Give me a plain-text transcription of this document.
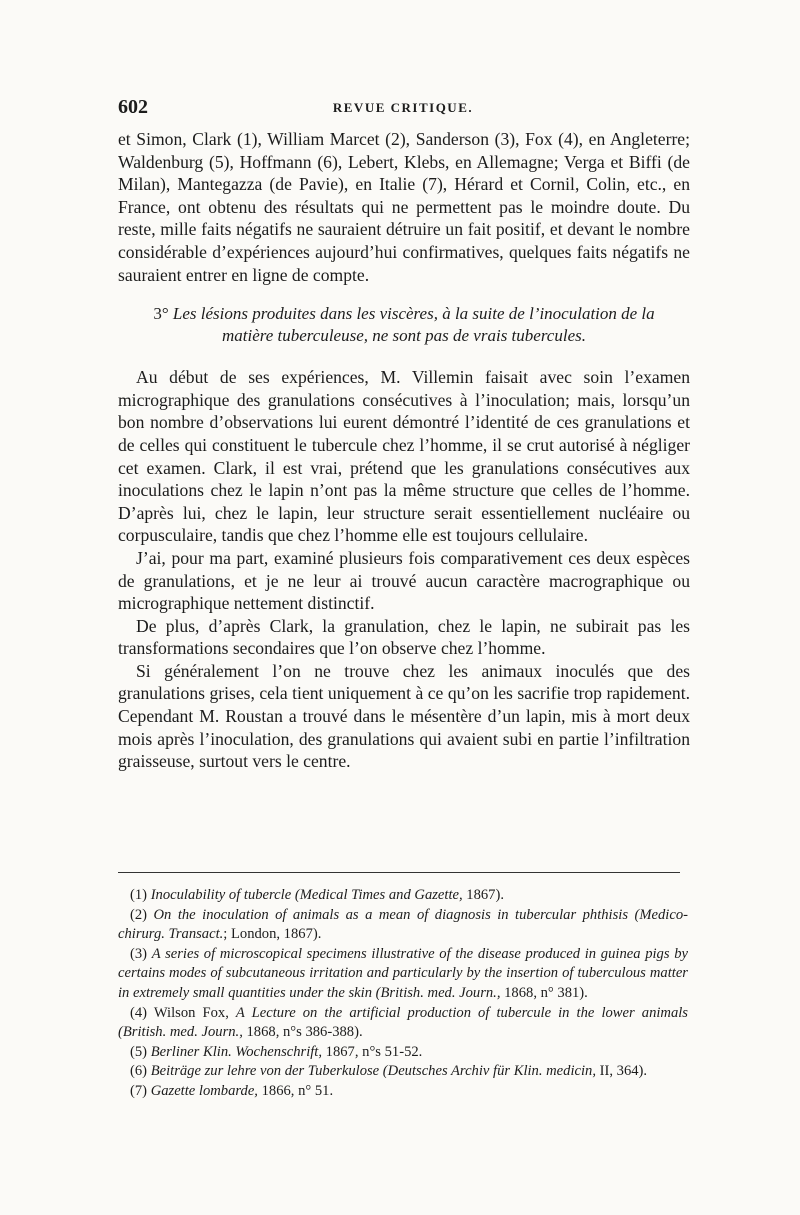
602	REVUE CRITIQUE.

et Simon, Clark (1), William Marcet (2), Sanderson (3), Fox (4), en Angleterre; Waldenburg (5), Hoffmann (6), Lebert, Klebs, en Allemagne; Verga et Biffi (de Milan), Mantegazza (de Pavie), en Italie (7), Hérard et Cornil, Colin, etc., en France, ont obtenu des résultats qui ne permettent pas le moindre doute. Du reste, mille faits négatifs ne sauraient détruire un fait positif, et devant le nombre considérable d’expériences aujourd’hui confirmatives, quelques faits négatifs ne sauraient entrer en ligne de compte.

3° Les lésions produites dans les viscères, à la suite de l’inoculation de la matière tuberculeuse, ne sont pas de vrais tubercules.

Au début de ses expériences, M. Villemin faisait avec soin l’examen micrographique des granulations consécutives à l’inoculation; mais, lorsqu’un bon nombre d’observations lui eurent démontré l’identité de ces granulations et de celles qui constituent le tubercule chez l’homme, il se crut autorisé à négliger cet examen. Clark, il est vrai, prétend que les granulations consécutives aux inoculations chez le lapin n’ont pas la même structure que celles de l’homme. D’après lui, chez le lapin, leur structure serait essentiellement nucléaire ou corpusculaire, tandis que chez l’homme elle est toujours cellulaire.

J’ai, pour ma part, examiné plusieurs fois comparativement ces deux espèces de granulations, et je ne leur ai trouvé aucun caractère macrographique ou micrographique nettement distinctif.

De plus, d’après Clark, la granulation, chez le lapin, ne subirait pas les transformations secondaires que l’on observe chez l’homme.

Si généralement l’on ne trouve chez les animaux inoculés que des granulations grises, cela tient uniquement à ce qu’on les sacrifie trop rapidement. Cependant M. Roustan a trouvé dans le mésentère d’un lapin, mis à mort deux mois après l’inoculation, des granulations qui avaient subi en partie l’infiltration graisseuse, surtout vers le centre.

(1) Inoculability of tubercle (Medical Times and Gazette, 1867).

(2) On the inoculation of animals as a mean of diagnosis in tubercular phthisis (Medico-chirurg. Transact.; London, 1867).

(3) A series of microscopical specimens illustrative of the disease produced in guinea pigs by certains modes of subcutaneous irritation and particularly by the insertion of tuberculous matter in extremely small quantities under the skin (British. med. Journ., 1868, n° 381).

(4) Wilson Fox, A Lecture on the artificial production of tubercule in the lower animals (British. med. Journ., 1868, n°s 386-388).

(5) Berliner Klin. Wochenschrift, 1867, n°s 51-52.

(6) Beiträge zur lehre von der Tuberkulose (Deutsches Archiv für Klin. medicin, II, 364).

(7) Gazette lombarde, 1866, n° 51.
